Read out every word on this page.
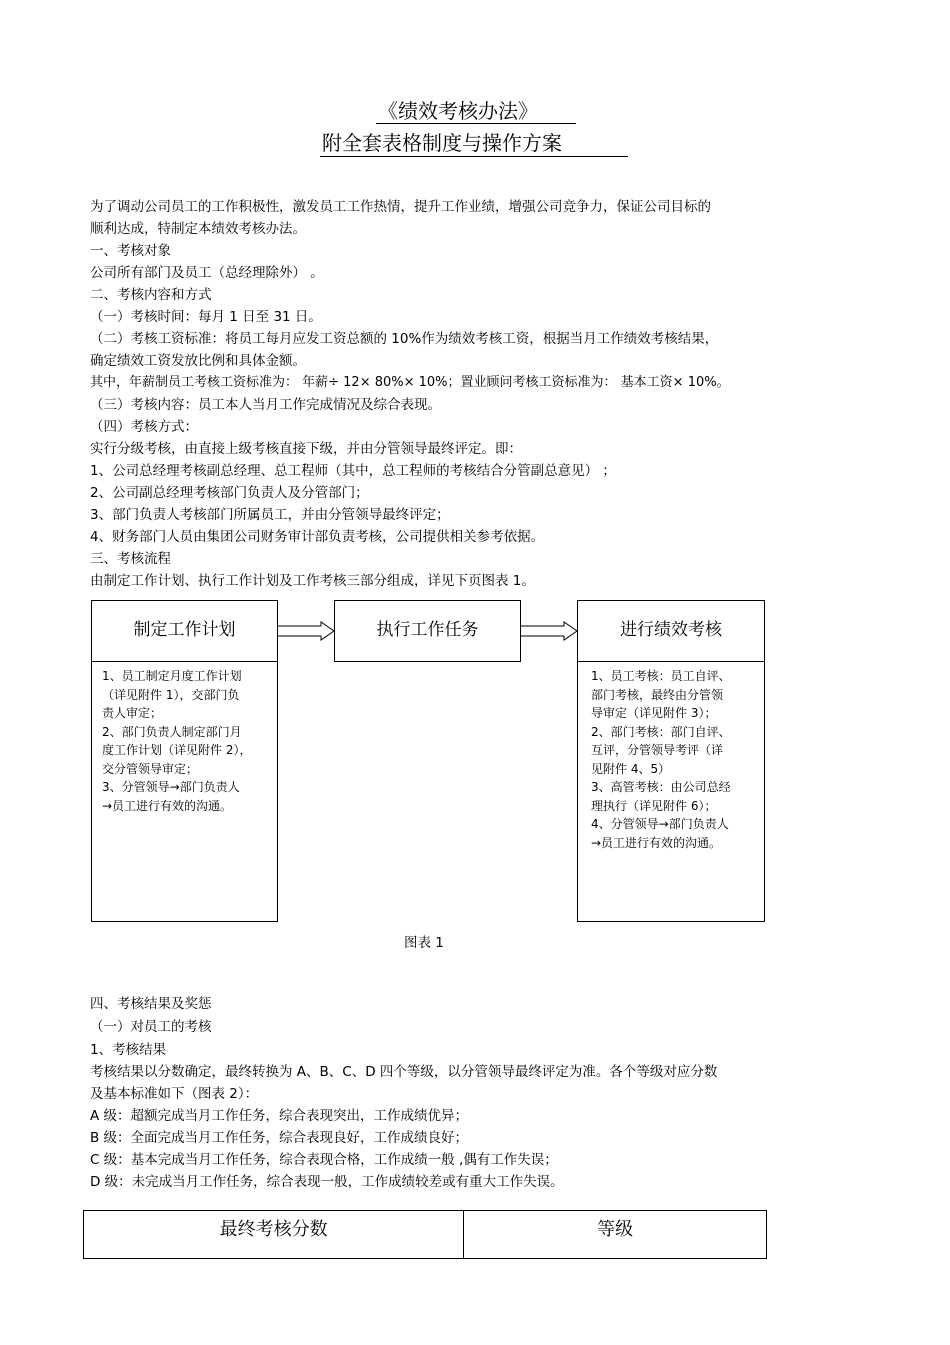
《绩效考核办法》
附全套表格制度与操作方案
为了调动公司员工的工作积极性，激发员工工作热情，提升工作业绩，增强公司竞争力，保证公司目标的
顺利达成，特制定本绩效考核办法。
一、考核对象
公司所有部门及员工（总经理除外） 。
二、考核内容和方式
（一）考核时间：每月 1 日至 31 日。
（二）考核工资标准：将员工每月应发工资总额的 10%作为绩效考核工资，根据当月工作绩效考核结果，
确定绩效工资发放比例和具体金额。
其中，年薪制员工考核工资标准为： 年薪÷ 12× 80%× 10%；置业顾问考核工资标准为： 基本工资× 10%。
（三）考核内容：员工本人当月工作完成情况及综合表现。
（四）考核方式：
实行分级考核，由直接上级考核直接下级，并由分管领导最终评定。即：
1、公司总经理考核副总经理、总工程师（其中，总工程师的考核结合分管副总意见） ；
2、公司副总经理考核部门负责人及分管部门；
3、部门负责人考核部门所属员工，并由分管领导最终评定；
4、财务部门人员由集团公司财务审计部负责考核，公司提供相关参考依据。
三、考核流程
由制定工作计划、执行工作计划及工作考核三部分组成，详见下页图表 1。
制定工作计划
1、员工制定月度工作计划
（详见附件 1），交部门负
责人审定；
2、部门负责人制定部门月
度工作计划（详见附件 2），
交分管领导审定；
3、分管领导→部门负责人
→员工进行有效的沟通。
执行工作任务	进行绩效考核
1、员工考核：员工自评、
部门考核，最终由分管领
导审定（详见附件 3）；
2、部门考核：部门自评、
互评，分管领导考评（详
见附件 4、5）
3、高管考核：由公司总经
理执行（详见附件 6）；
4、分管领导→部门负责人
→员工进行有效的沟通。
图表 1
四、考核结果及奖惩
（一）对员工的考核
1、考核结果
考核结果以分数确定，最终转换为 A、B、C、D 四个等级，以分管领导最终评定为准。各个等级对应分数
及基本标准如下（图表 2）：
A 级：超额完成当月工作任务，综合表现突出，工作成绩优异；
B 级：全面完成当月工作任务，综合表现良好，工作成绩良好；
C 级：基本完成当月工作任务，综合表现合格，工作成绩一般 ,偶有工作失误；
D 级：未完成当月工作任务，综合表现一般，工作成绩较差或有重大工作失误。
最终考核分数	等级
